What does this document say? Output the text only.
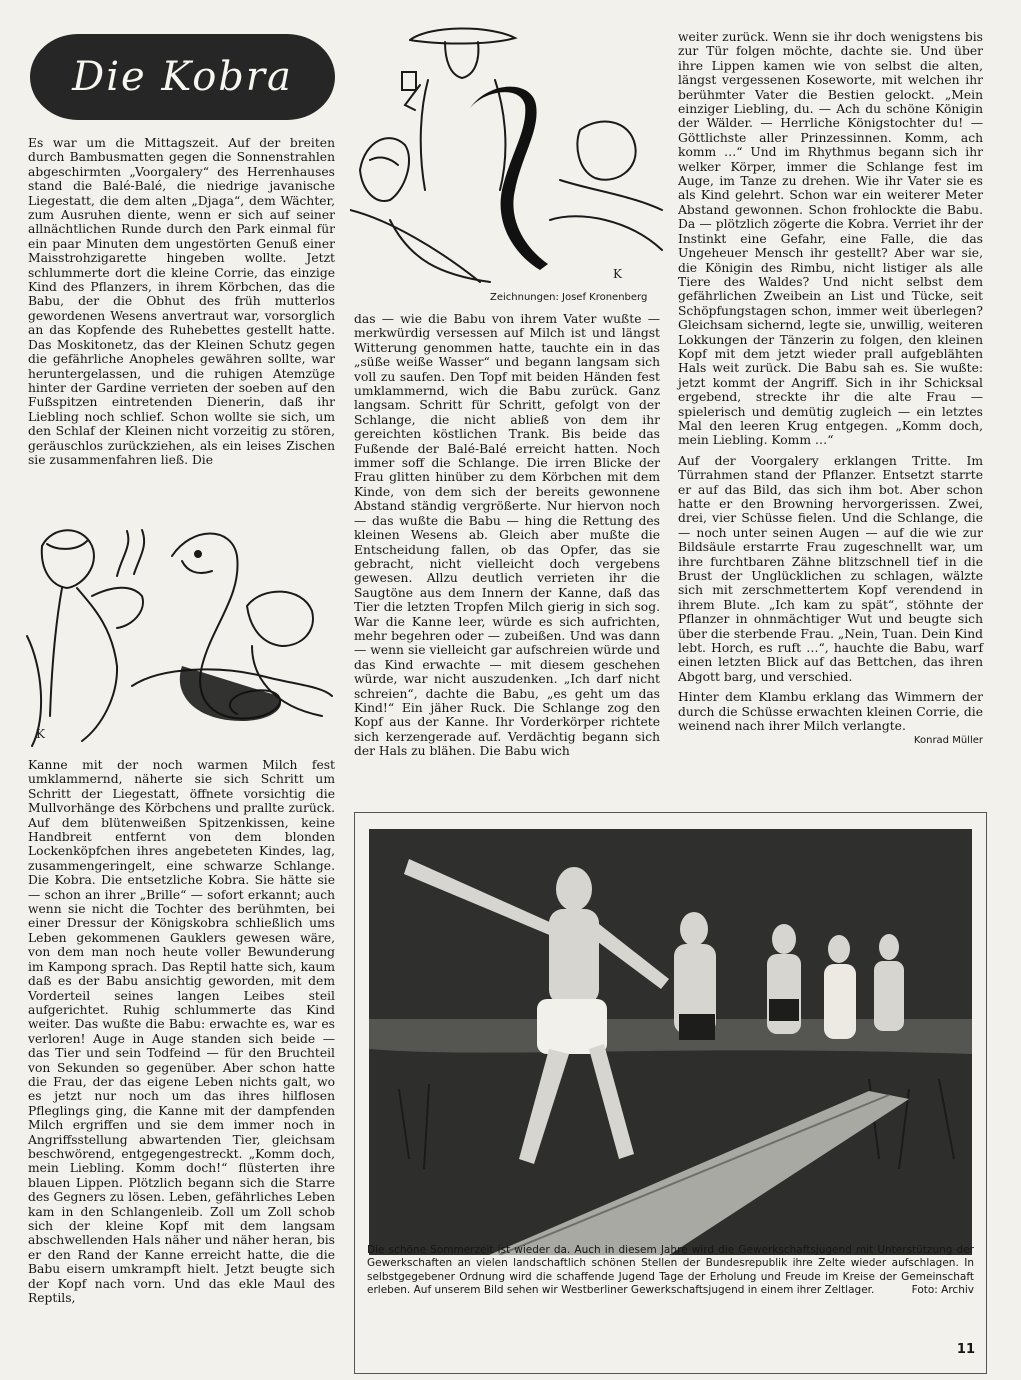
Die Kobra

Es war um die Mittagszeit. Auf der breiten durch Bambusmatten gegen die Sonnenstrahlen abgeschirmten „Voorgalery“ des Herrenhauses stand die Balé-Balé, die niedrige javanische Liegestatt, die dem alten „Djaga“, dem Wächter, zum Ausruhen diente, wenn er sich auf seiner allnächtlichen Runde durch den Park einmal für ein paar Minuten dem ungestörten Genuß einer Maisstrohzigarette hingeben wollte. Jetzt schlummerte dort die kleine Corrie, das einzige Kind des Pflanzers, in ihrem Körbchen, das die Babu, der die Obhut des früh mutterlos gewordenen Wesens anvertraut war, vorsorglich an das Kopfende des Ruhebettes gestellt hatte. Das Moskitonetz, das der Kleinen Schutz gegen die gefährliche Anopheles gewähren sollte, war heruntergelassen, und die ruhigen Atemzüge hinter der Gardine verrieten der soeben auf den Fußspitzen eintretenden Dienerin, daß ihr Liebling noch schlief. Schon wollte sie sich, um den Schlaf der Kleinen nicht vorzeitig zu stören, geräuschlos zurückziehen, als ein leises Zischen sie zusammenfahren ließ. Die

K

Kanne mit der noch warmen Milch fest umklammernd, näherte sie sich Schritt um Schritt der Liegestatt, öffnete vorsichtig die Mullvorhänge des Körbchens und prallte zurück. Auf dem blütenweißen Spitzenkissen, keine Handbreit entfernt von dem blonden Lockenköpfchen ihres angebeteten Kindes, lag, zusammengeringelt, eine schwarze Schlange. Die Kobra. Die entsetzliche Kobra. Sie hätte sie — schon an ihrer „Brille“ — sofort erkannt; auch wenn sie nicht die Tochter des berühmten, bei einer Dressur der Königskobra schließlich ums Leben gekommenen Gauklers gewesen wäre, von dem man noch heute voller Bewunderung im Kampong sprach. Das Reptil hatte sich, kaum daß es der Babu ansichtig geworden, mit dem Vorderteil seines langen Leibes steil aufgerichtet. Ruhig schlummerte das Kind weiter. Das wußte die Babu: erwachte es, war es verloren! Auge in Auge standen sich beide — das Tier und sein Todfeind — für den Bruchteil von Sekunden so gegenüber. Aber schon hatte die Frau, der das eigene Leben nichts galt, wo es jetzt nur noch um das ihres hilflosen Pfleglings ging, die Kanne mit der dampfenden Milch ergriffen und sie dem immer noch in Angriffsstellung abwartenden Tier, gleichsam beschwörend, entgegengestreckt. „Komm doch, mein Liebling. Komm doch!“ flüsterten ihre blauen Lippen. Plötzlich begann sich die Starre des Gegners zu lösen. Leben, gefährliches Leben kam in den Schlangenleib. Zoll um Zoll schob sich der kleine Kopf mit dem langsam abschwellenden Hals näher und näher heran, bis er den Rand der Kanne erreicht hatte, die die Babu eisern umkrampft hielt. Jetzt beugte sich der Kopf nach vorn. Und das ekle Maul des Reptils,

K
Zeichnungen: Josef Kronenberg

das — wie die Babu von ihrem Vater wußte — merkwürdig versessen auf Milch ist und längst Witterung genommen hatte, tauchte ein in das „süße weiße Wasser“ und begann langsam sich voll zu saufen. Den Topf mit beiden Händen fest umklammernd, wich die Babu zurück. Ganz langsam. Schritt für Schritt, gefolgt von der Schlange, die nicht abließ von dem ihr gereichten köstlichen Trank. Bis beide das Fußende der Balé-Balé erreicht hatten. Noch immer soff die Schlange. Die irren Blicke der Frau glitten hinüber zu dem Körbchen mit dem Kinde, von dem sich der bereits gewonnene Abstand ständig vergrößerte. Nur hiervon noch — das wußte die Babu — hing die Rettung des kleinen Wesens ab. Gleich aber mußte die Entscheidung fallen, ob das Opfer, das sie gebracht, nicht vielleicht doch vergebens gewesen. Allzu deutlich verrieten ihr die Saugtöne aus dem Innern der Kanne, daß das Tier die letzten Tropfen Milch gierig in sich sog. War die Kanne leer, würde es sich aufrichten, mehr begehren oder — zubeißen. Und was dann — wenn sie vielleicht gar aufschreien würde und das Kind erwachte — mit diesem geschehen würde, war nicht auszudenken. „Ich darf nicht schreien“, dachte die Babu, „es geht um das Kind!“ Ein jäher Ruck. Die Schlange zog den Kopf aus der Kanne. Ihr Vorderkörper richtete sich kerzengerade auf. Verdächtig begann sich der Hals zu blähen. Die Babu wich

weiter zurück. Wenn sie ihr doch wenigstens bis zur Tür folgen möchte, dachte sie. Und über ihre Lippen kamen wie von selbst die alten, längst vergessenen Koseworte, mit welchen ihr berühmter Vater die Bestien gelockt. „Mein einziger Liebling, du. — Ach du schöne Königin der Wälder. — Herrliche Königstochter du! — Göttlichste aller Prinzessinnen. Komm, ach komm …“ Und im Rhythmus begann sich ihr welker Körper, immer die Schlange fest im Auge, im Tanze zu drehen. Wie ihr Vater sie es als Kind gelehrt. Schon war ein weiterer Meter Abstand gewonnen. Schon frohlockte die Babu. Da — plötzlich zögerte die Kobra. Verriet ihr der Instinkt eine Gefahr, eine Falle, die das Ungeheuer Mensch ihr gestellt? Aber war sie, die Königin des Rimbu, nicht listiger als alle Tiere des Waldes? Und nicht selbst dem gefährlichen Zweibein an List und Tücke, seit Schöpfungstagen schon, immer weit überlegen? Gleichsam sichernd, legte sie, unwillig, weiteren Lokkungen der Tänzerin zu folgen, den kleinen Kopf mit dem jetzt wieder prall aufgeblähten Hals weit zurück. Die Babu sah es. Sie wußte: jetzt kommt der Angriff. Sich in ihr Schicksal ergebend, streckte ihr die alte Frau — spielerisch und demütig zugleich — ein letztes Mal den leeren Krug entgegen. „Komm doch, mein Liebling. Komm …“

Auf der Voorgalery erklangen Tritte. Im Türrahmen stand der Pflanzer. Entsetzt starrte er auf das Bild, das sich ihm bot. Aber schon hatte er den Browning hervorgerissen. Zwei, drei, vier Schüsse fielen. Und die Schlange, die — noch unter seinen Augen — auf die wie zur Bildsäule erstarrte Frau zugeschnellt war, um ihre furchtbaren Zähne blitzschnell tief in die Brust der Unglücklichen zu schlagen, wälzte sich mit zerschmettertem Kopf verendend in ihrem Blute. „Ich kam zu spät“, stöhnte der Pflanzer in ohnmächtiger Wut und beugte sich über die sterbende Frau. „Nein, Tuan. Dein Kind lebt. Horch, es ruft …“, hauchte die Babu, warf einen letzten Blick auf das Bettchen, das ihren Abgott barg, und verschied.

Hinter dem Klambu erklang das Wimmern der durch die Schüsse erwachten kleinen Corrie, die weinend nach ihrer Milch verlangte.

Konrad Müller
Die schöne Sommerzeit ist wieder da. Auch in diesem Jahre wird die Gewerkschaftsjugend mit Unterstützung der Gewerkschaften an vielen landschaftlich schönen Stellen der Bundesrepublik ihre Zelte wieder aufschlagen. In selbstgegebener Ordnung wird die schaffende Jugend Tage der Erholung und Freude im Kreise der Gemeinschaft erleben. Auf unserem Bild sehen wir Westberliner Gewerkschaftsjugend in einem ihrer Zeltlager.	Foto: Archiv
11
